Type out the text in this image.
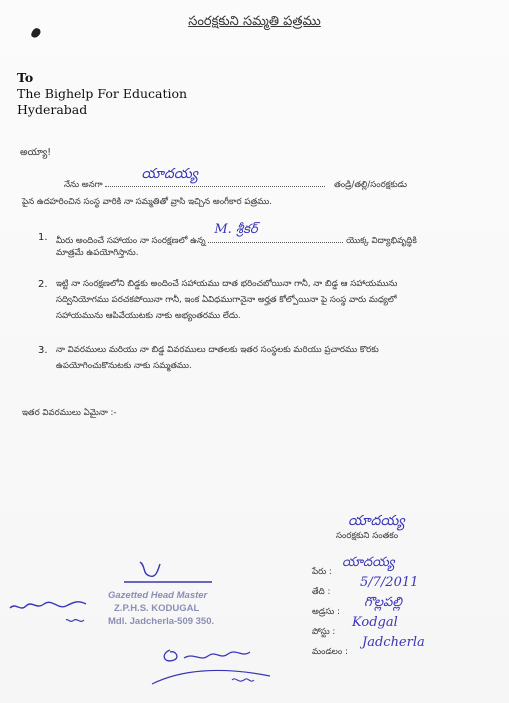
సంరక్షకుని సమ్మతి పత్రము
To
The Bighelp For Education
Hyderabad
అయ్యా!
నేను అనగా
యాదయ్య
తండ్రి/తల్లి/సంరక్షకుడు
పైన ఉదహరించిన సంస్థ వారికి నా సమ్మతితో వ్రాసి ఇచ్చిన అంగీకార పత్రము.
1. మీరు అందించే సహాయం నా సంరక్షణలో ఉన్న
M. శ్రీకర్
యొక్క విద్యాభివృద్ధికి
మాత్రమే ఉపయోగిస్తాను.
2. ఇట్టి నా సంరక్షణలోని బిడ్డకు అందించే సహాయము దాత భరించబోయినా గానీ, నా బిడ్డ ఆ సహాయమును
సద్వినియోగము పరచకపోయినా గానీ, ఇంక ఏవిధముగానైనా అర్హత కోల్పోయినా పై సంస్థ వారు మధ్యలో
సహాయమును ఆపివేయుటకు నాకు అభ్యంతరము లేదు.
3. నా వివరములు మరియు నా బిడ్డ వివరములు దాతలకు ఇతర సంస్థలకు మరియు ప్రచారము కొరకు
ఉపయోగించుకొనుటకు నాకు సమ్మతము.
ఇతర వివరములు ఏమైనా :-
యాదయ్య
సంరక్షకుని సంతకం
పేరు :
యాదయ్య
తేది :
5/7/2011
అడ్రసు :
గొల్లపల్లి
పోస్టు :
Kodgal
మండలం :
Jadcherla
Gazetted Head Master
Z.P.H.S. KODUGAL
Mdl. Jadcherla-509 350.
